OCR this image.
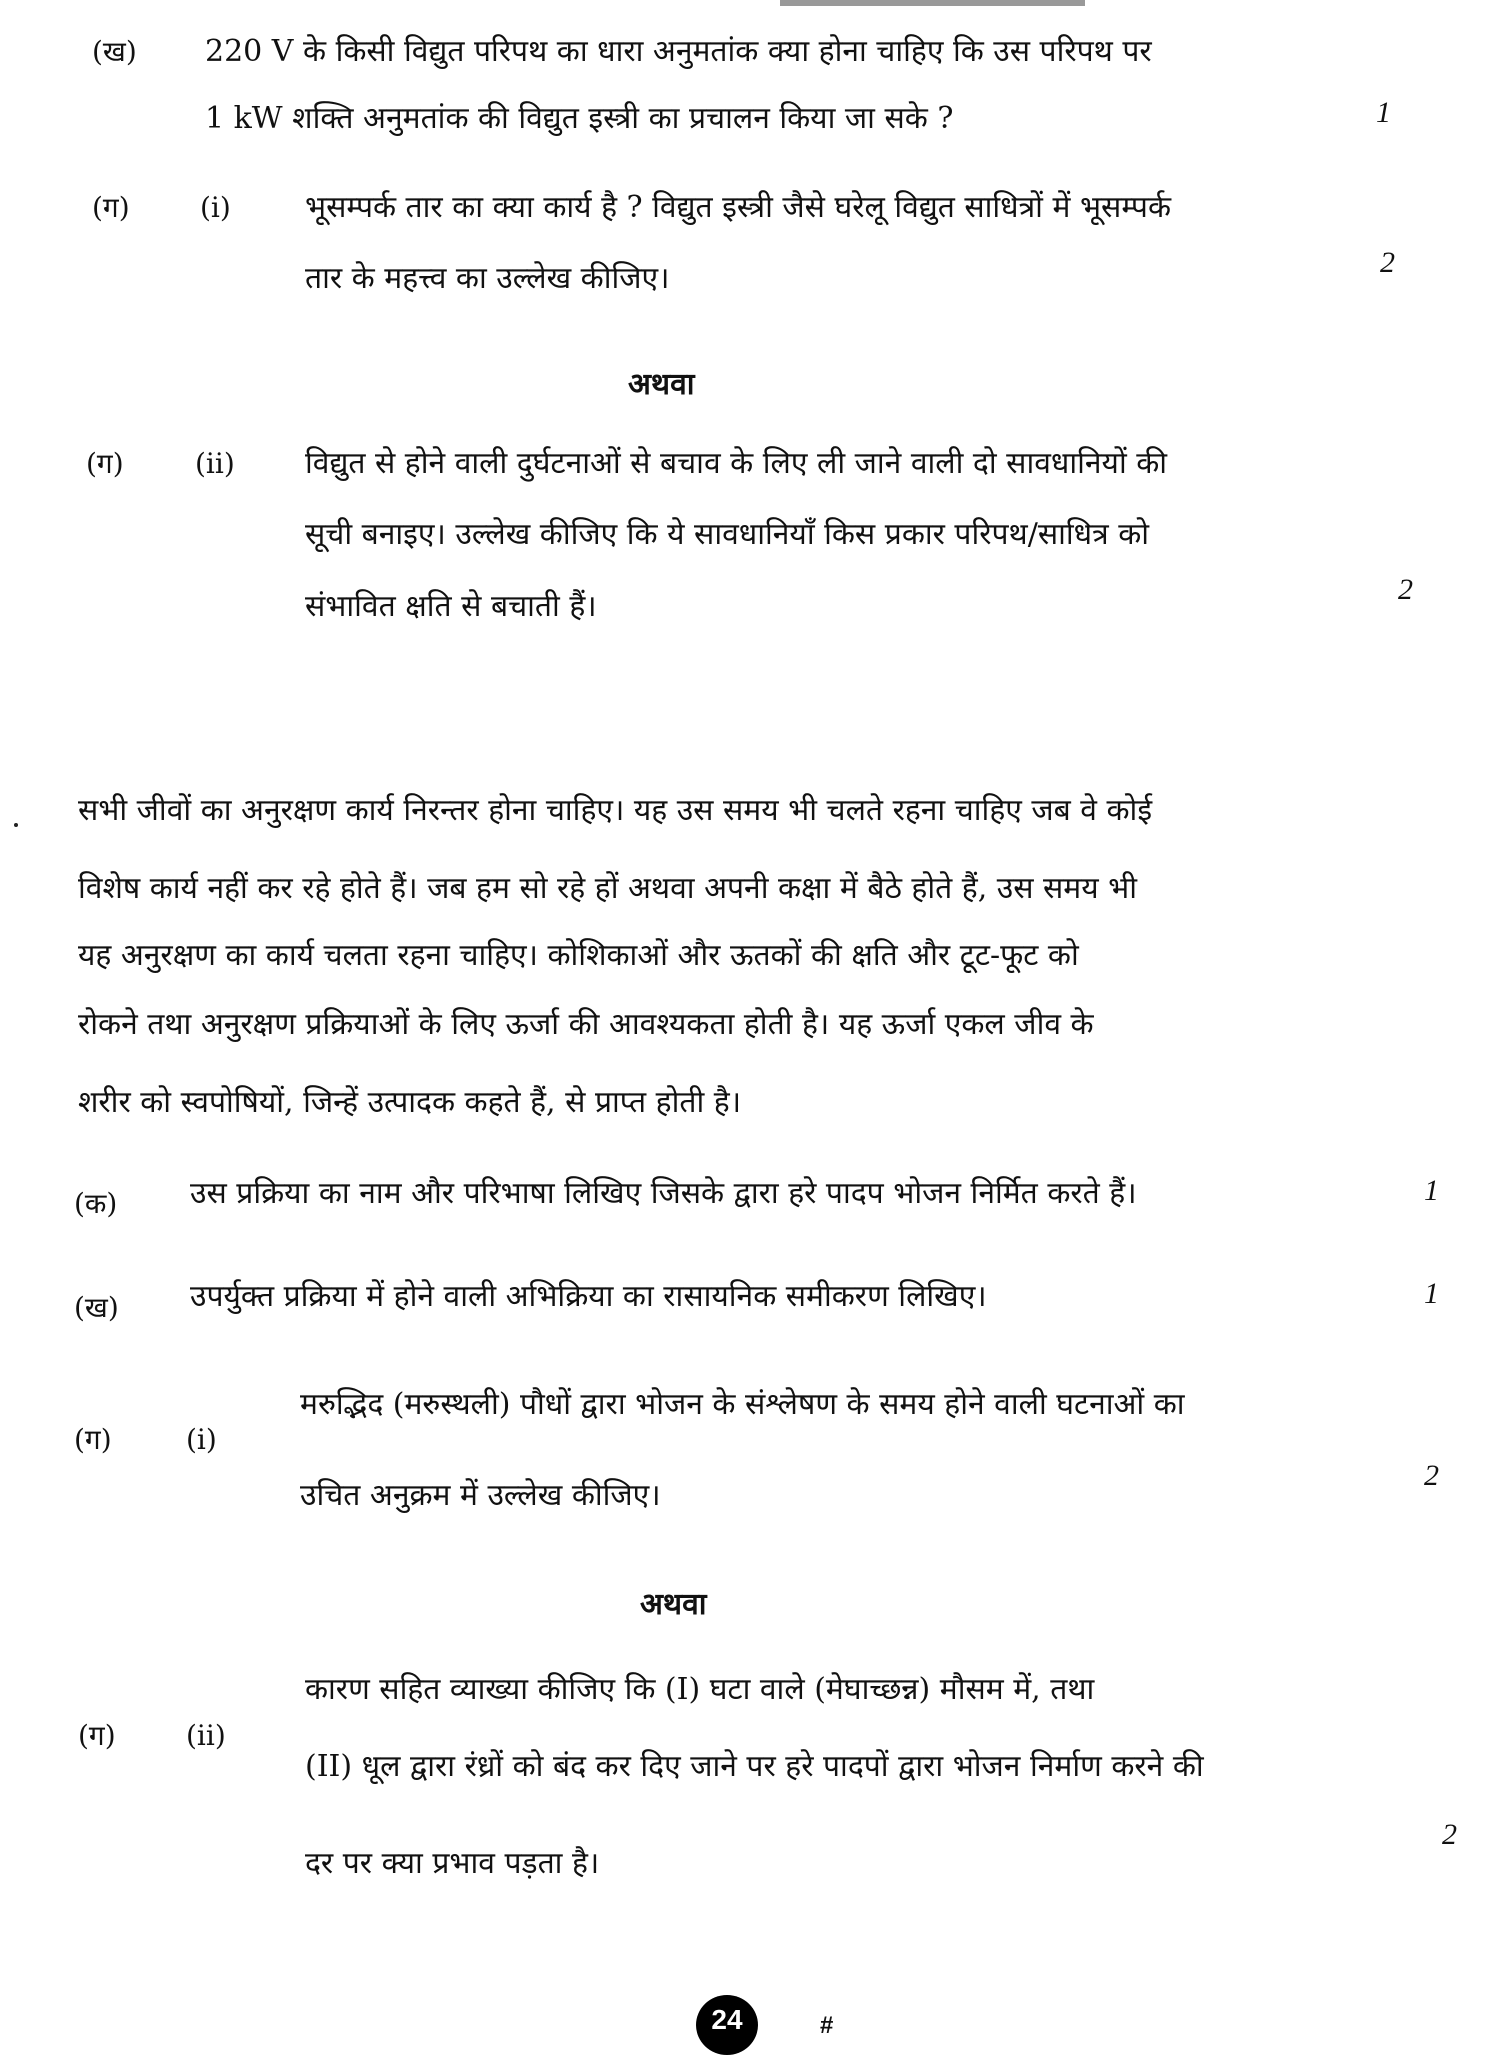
(ख) 220 V के किसी विद्युत परिपथ का धारा अनुमतांक क्या होना चाहिए कि उस परिपथ पर
1 kW शक्ति अनुमतांक की विद्युत इस्त्री का प्रचालन किया जा सके ?	1
(ग)	(i) भूसम्पर्क तार का क्या कार्य है ? विद्युत इस्त्री जैसे घरेलू विद्युत साधित्रों में भूसम्पर्क
तार के महत्त्व का उल्लेख कीजिए।	2
अथवा
(ग)	(ii) विद्युत से होने वाली दुर्घटनाओं से बचाव के लिए ली जाने वाली दो सावधानियों की
सूची बनाइए। उल्लेख कीजिए कि ये सावधानियाँ किस प्रकार परिपथ/साधित्र को
संभावित क्षति से बचाती हैं।	2
सभी जीवों का अनुरक्षण कार्य निरन्तर होना चाहिए। यह उस समय भी चलते रहना चाहिए जब वे कोई
विशेष कार्य नहीं कर रहे होते हैं। जब हम सो रहे हों अथवा अपनी कक्षा में बैठे होते हैं, उस समय भी
यह अनुरक्षण का कार्य चलता रहना चाहिए। कोशिकाओं और ऊतकों की क्षति और टूट-फूट को
रोकने तथा अनुरक्षण प्रक्रियाओं के लिए ऊर्जा की आवश्यकता होती है। यह ऊर्जा एकल जीव के
शरीर को स्वपोषियों, जिन्हें उत्पादक कहते हैं, से प्राप्त होती है।
(क) उस प्रक्रिया का नाम और परिभाषा लिखिए जिसके द्वारा हरे पादप भोजन निर्मित करते हैं।	1
(ख) उपर्युक्त प्रक्रिया में होने वाली अभिक्रिया का रासायनिक समीकरण लिखिए।	1
(ग)	(i)
मरुद्भिद (मरुस्थली) पौधों द्वारा भोजन के संश्लेषण के समय होने वाली घटनाओं का
उचित अनुक्रम में उल्लेख कीजिए।
2
अथवा
(ग)	(ii)
कारण सहित व्याख्या कीजिए कि (I) घटा वाले (मेघाच्छन्न) मौसम में, तथा
(II) धूल द्वारा रंध्रों को बंद कर दिए जाने पर हरे पादपों द्वारा भोजन निर्माण करने की
दर पर क्या प्रभाव पड़ता है।
2
24	#
